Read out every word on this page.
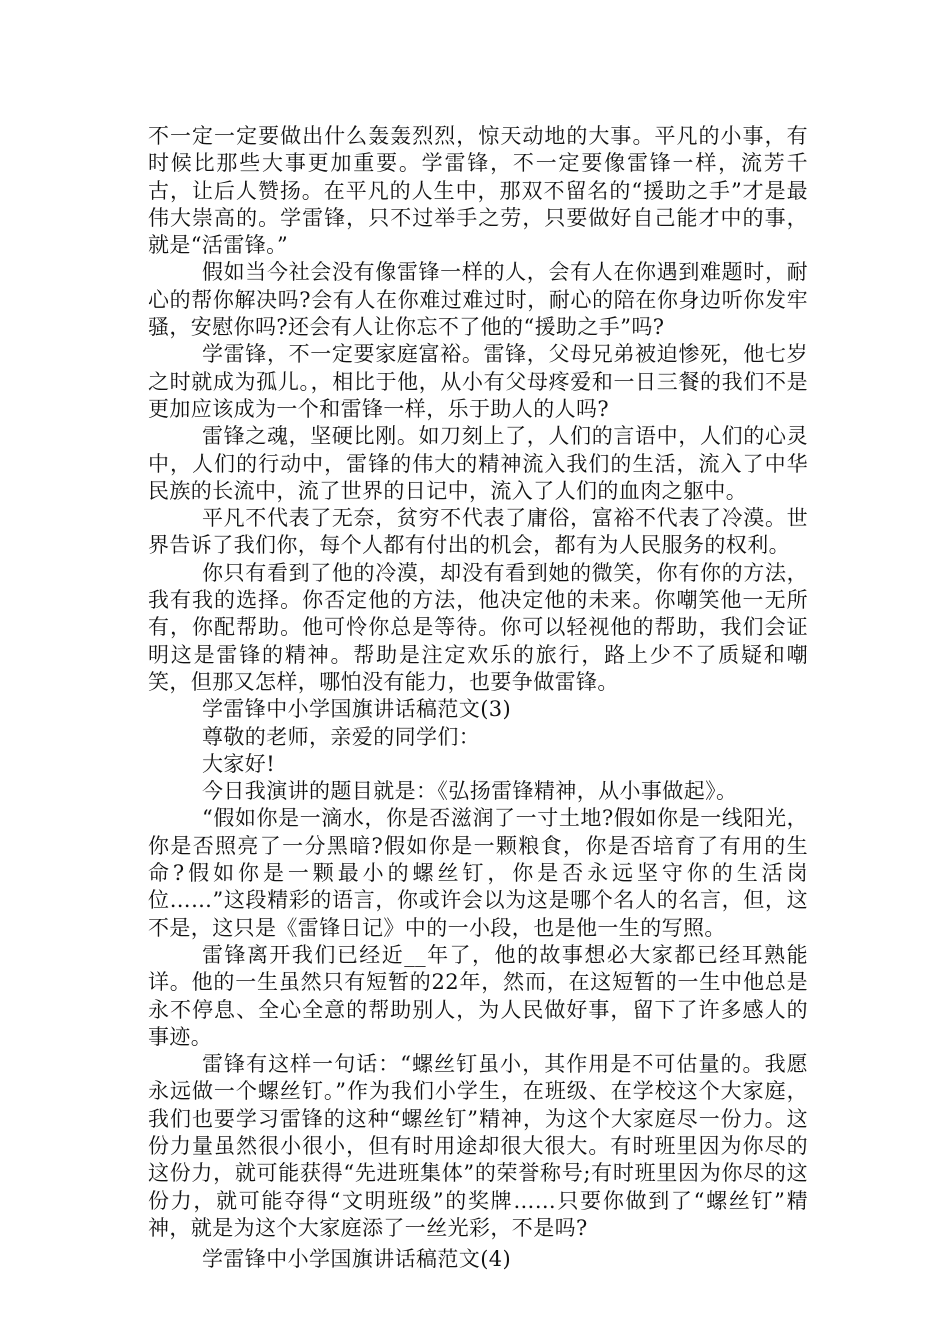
不一定一定要做出什么轰轰烈烈，惊天动地的大事。平凡的小事，有时候比那些大事更加重要。学雷锋，不一定要像雷锋一样，流芳千古，让后人赞扬。在平凡的人生中，那双不留名的“援助之手”才是最伟大崇高的。学雷锋，只不过举手之劳，只要做好自己能才中的事，就是“活雷锋。”

假如当今社会没有像雷锋一样的人，会有人在你遇到难题时，耐心的帮你解决吗?会有人在你难过难过时，耐心的陪在你身边听你发牢骚，安慰你吗?还会有人让你忘不了他的“援助之手”吗?

学雷锋，不一定要家庭富裕。雷锋，父母兄弟被迫惨死，他七岁之时就成为孤儿。，相比于他，从小有父母疼爱和一日三餐的我们不是更加应该成为一个和雷锋一样，乐于助人的人吗?

雷锋之魂，坚硬比刚。如刀刻上了，人们的言语中，人们的心灵中，人们的行动中，雷锋的伟大的精神流入我们的生活，流入了中华民族的长流中，流了世界的日记中，流入了人们的血肉之躯中。

平凡不代表了无奈，贫穷不代表了庸俗，富裕不代表了冷漠。世界告诉了我们你，每个人都有付出的机会，都有为人民服务的权利。

你只有看到了他的冷漠，却没有看到她的微笑，你有你的方法，我有我的选择。你否定他的方法，他决定他的未来。你嘲笑他一无所有，你配帮助。他可怜你总是等待。你可以轻视他的帮助，我们会证明这是雷锋的精神。帮助是注定欢乐的旅行，路上少不了质疑和嘲笑，但那又怎样，哪怕没有能力，也要争做雷锋。

学雷锋中小学国旗讲话稿范文(3)

尊敬的老师，亲爱的同学们：

大家好!

今日我演讲的题目就是：《弘扬雷锋精神，从小事做起》。

“假如你是一滴水，你是否滋润了一寸土地?假如你是一线阳光，你是否照亮了一分黑暗?假如你是一颗粮食，你是否培育了有用的生命?假如你是一颗最小的螺丝钉，你是否永远坚守你的生活岗位……”这段精彩的语言，你或许会以为这是哪个名人的名言，但，这不是，这只是《雷锋日记》中的一小段，也是他一生的写照。

雷锋离开我们已经近__年了，他的故事想必大家都已经耳熟能详。他的一生虽然只有短暂的22年，然而，在这短暂的一生中他总是永不停息、全心全意的帮助别人，为人民做好事，留下了许多感人的事迹。

雷锋有这样一句话：“螺丝钉虽小，其作用是不可估量的。我愿永远做一个螺丝钉。”作为我们小学生，在班级、在学校这个大家庭，我们也要学习雷锋的这种“螺丝钉”精神，为这个大家庭尽一份力。这份力量虽然很小很小，但有时用途却很大很大。有时班里因为你尽的这份力，就可能获得“先进班集体”的荣誉称号;有时班里因为你尽的这份力，就可能夺得“文明班级”的奖牌……只要你做到了“螺丝钉”精神，就是为这个大家庭添了一丝光彩，不是吗?

学雷锋中小学国旗讲话稿范文(4)
